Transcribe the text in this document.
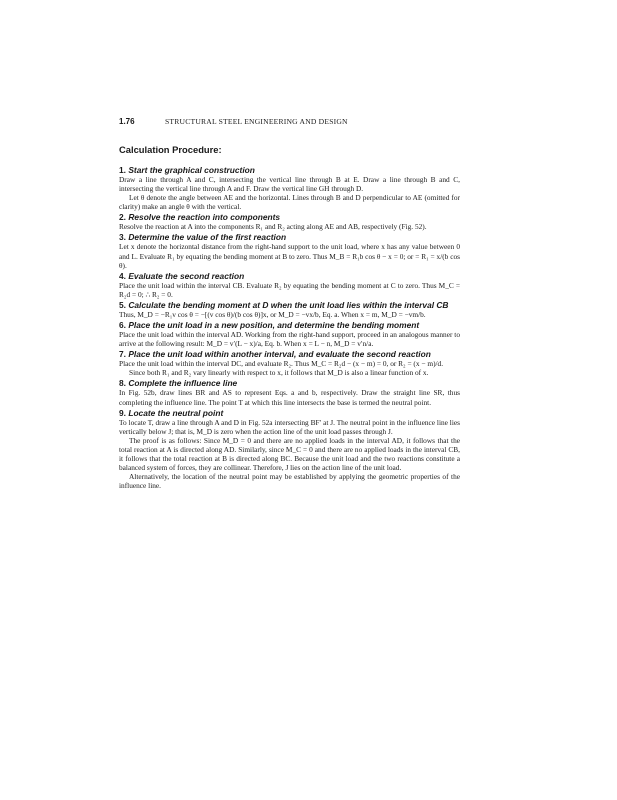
1.76	STRUCTURAL STEEL ENGINEERING AND DESIGN
Calculation Procedure:
1. Start the graphical construction

Draw a line through A and C, intersecting the vertical line through B at E. Draw a line through B and C, intersecting the vertical line through A and F. Draw the vertical line GH through D.

Let θ denote the angle between AE and the horizontal. Lines through B and D perpendicular to AE (omitted for clarity) make an angle θ with the vertical.

2. Resolve the reaction into components

Resolve the reaction at A into the components R₁ and R₂ acting along AE and AB, respectively (Fig. 52).

3. Determine the value of the first reaction

Let x denote the horizontal distance from the right-hand support to the unit load, where x has any value between 0 and L. Evaluate R₁ by equating the bending moment at B to zero. Thus M_B = R₁b cos θ − x = 0; or = R₁ = x/(b cos θ).

4. Evaluate the second reaction

Place the unit load within the interval CB. Evaluate R₂ by equating the bending moment at C to zero. Thus M_C = R₂d = 0; ∴ R₂ = 0.

5. Calculate the bending moment at D when the unit load lies within the interval CB

Thus, M_D = −R₁v cos θ = −[(v cos θ)/(b cos θ)]x, or M_D = −vx/b, Eq. a. When x = m, M_D = −vm/b.

6. Place the unit load in a new position, and determine the bending moment

Place the unit load within the interval AD. Working from the right-hand support, proceed in an analogous manner to arrive at the following result: M_D = v′(L − x)/a, Eq. b. When x = L − n, M_D = v′n/a.

7. Place the unit load within another interval, and evaluate the second reaction

Place the unit load within the interval DC, and evaluate R₂. Thus M_C = R₂d − (x − m) = 0, or R₂ = (x − m)/d.

Since both R₁ and R₂ vary linearly with respect to x, it follows that M_D is also a linear function of x.

8. Complete the influence line

In Fig. 52b, draw lines BR and AS to represent Eqs. a and b, respectively. Draw the straight line SR, thus completing the influence line. The point T at which this line intersects the base is termed the neutral point.

9. Locate the neutral point

To locate T, draw a line through A and D in Fig. 52a intersecting BF′ at J. The neutral point in the influence line lies vertically below J; that is, M_D is zero when the action line of the unit load passes through J.

The proof is as follows: Since M_D = 0 and there are no applied loads in the interval AD, it follows that the total reaction at A is directed along AD. Similarly, since M_C = 0 and there are no applied loads in the interval CB, it follows that the total reaction at B is directed along BC. Because the unit load and the two reactions constitute a balanced system of forces, they are collinear. Therefore, J lies on the action line of the unit load.

Alternatively, the location of the neutral point may be established by applying the geometric properties of the influence line.
